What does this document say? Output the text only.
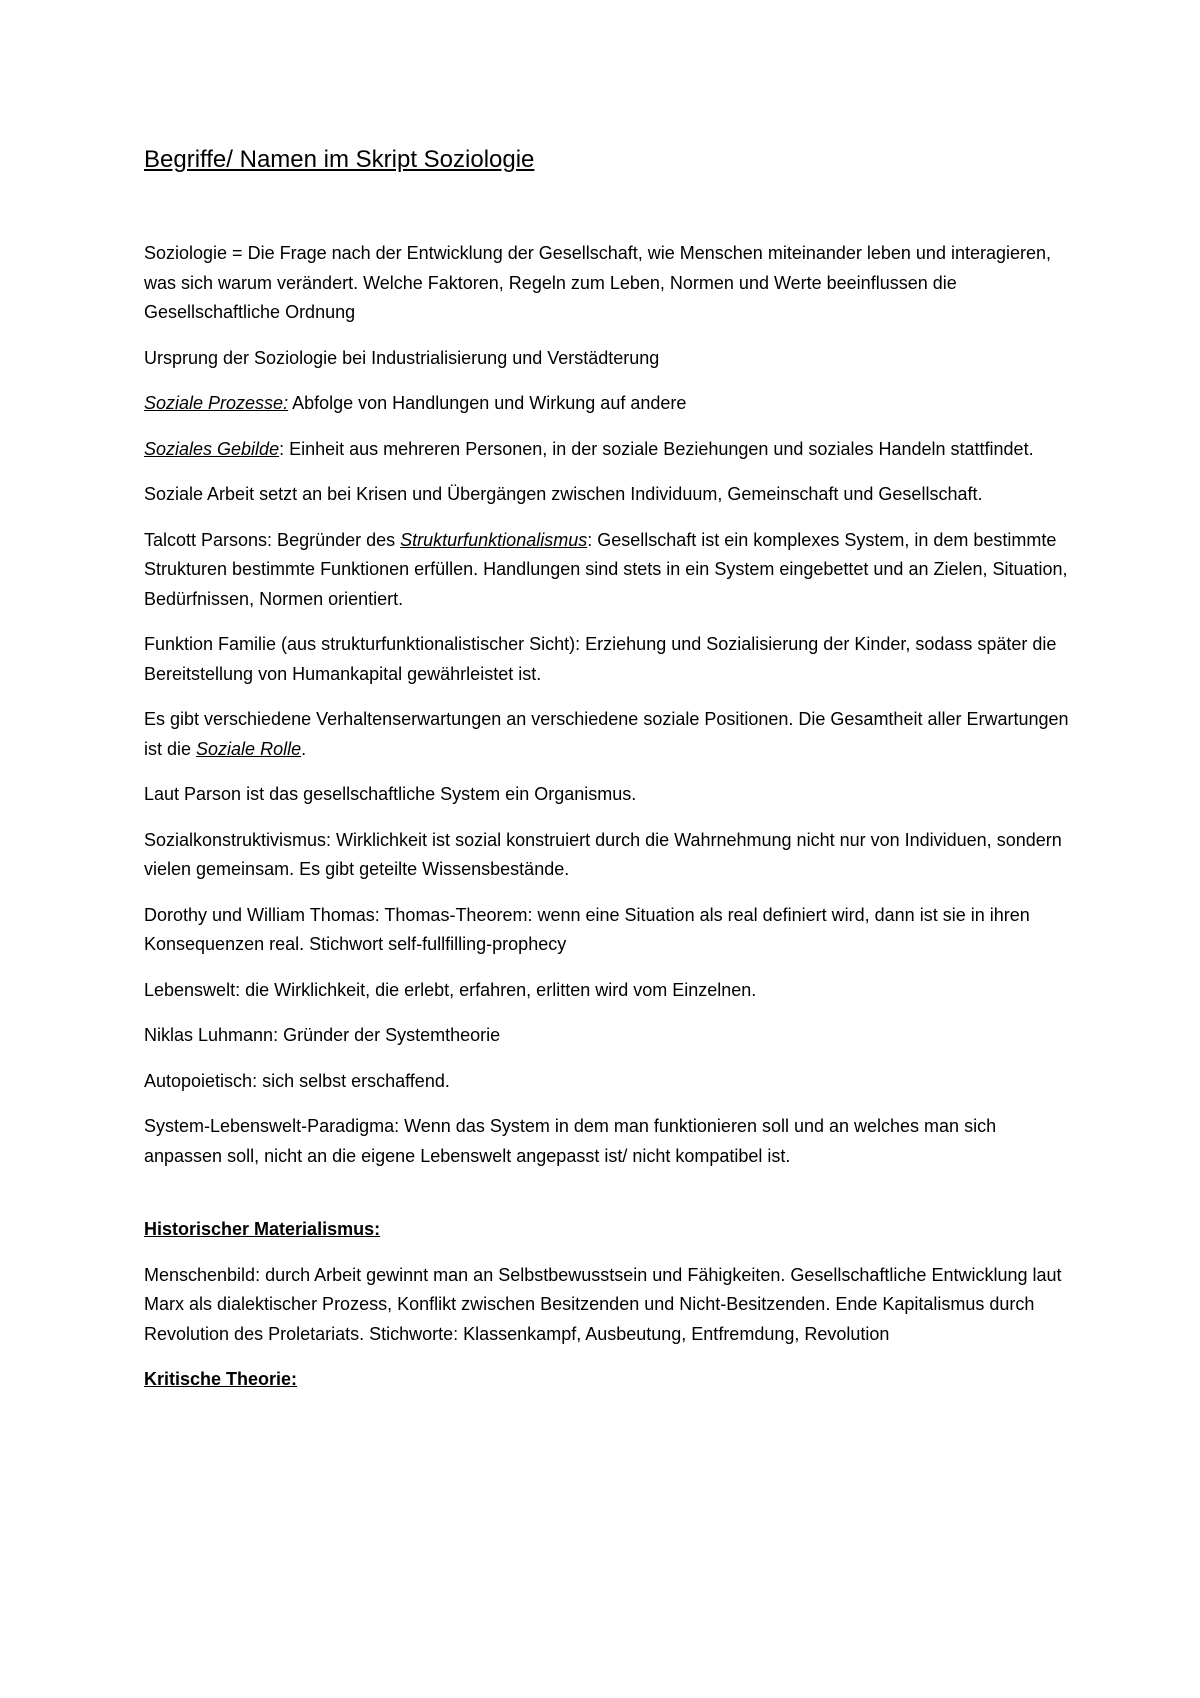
Begriffe/ Namen im Skript Soziologie

Soziologie = Die Frage nach der Entwicklung der Gesellschaft, wie Menschen miteinander leben und interagieren, was sich warum verändert. Welche Faktoren, Regeln zum Leben, Normen und Werte beeinflussen die Gesellschaftliche Ordnung

Ursprung der Soziologie bei Industrialisierung und Verstädterung

Soziale Prozesse: Abfolge von Handlungen und Wirkung auf andere

Soziales Gebilde: Einheit aus mehreren Personen, in der soziale Beziehungen und soziales Handeln stattfindet.

Soziale Arbeit setzt an bei Krisen und Übergängen zwischen Individuum, Gemeinschaft und Gesellschaft.

Talcott Parsons: Begründer des Strukturfunktionalismus: Gesellschaft ist ein komplexes System, in dem bestimmte Strukturen bestimmte Funktionen erfüllen. Handlungen sind stets in ein System eingebettet und an Zielen, Situation, Bedürfnissen, Normen orientiert.

Funktion Familie (aus strukturfunktionalistischer Sicht): Erziehung und Sozialisierung der Kinder, sodass später die Bereitstellung von Humankapital gewährleistet ist.

Es gibt verschiedene Verhaltenserwartungen an verschiedene soziale Positionen. Die Gesamtheit aller Erwartungen ist die Soziale Rolle.

Laut Parson ist das gesellschaftliche System ein Organismus.

Sozialkonstruktivismus: Wirklichkeit ist sozial konstruiert durch die Wahrnehmung nicht nur von Individuen, sondern vielen gemeinsam. Es gibt geteilte Wissensbestände.

Dorothy und William Thomas: Thomas-Theorem: wenn eine Situation als real definiert wird, dann ist sie in ihren Konsequenzen real. Stichwort self-fullfilling-prophecy

Lebenswelt: die Wirklichkeit, die erlebt, erfahren, erlitten wird vom Einzelnen.

Niklas Luhmann: Gründer der Systemtheorie

Autopoietisch: sich selbst erschaffend.

System-Lebenswelt-Paradigma: Wenn das System in dem man funktionieren soll und an welches man sich anpassen soll, nicht an die eigene Lebenswelt angepasst ist/ nicht kompatibel ist.

Historischer Materialismus:

Menschenbild: durch Arbeit gewinnt man an Selbstbewusstsein und Fähigkeiten. Gesellschaftliche Entwicklung laut Marx als dialektischer Prozess, Konflikt zwischen Besitzenden und Nicht-Besitzenden. Ende Kapitalismus durch Revolution des Proletariats. Stichworte: Klassenkampf, Ausbeutung, Entfremdung, Revolution

Kritische Theorie:
